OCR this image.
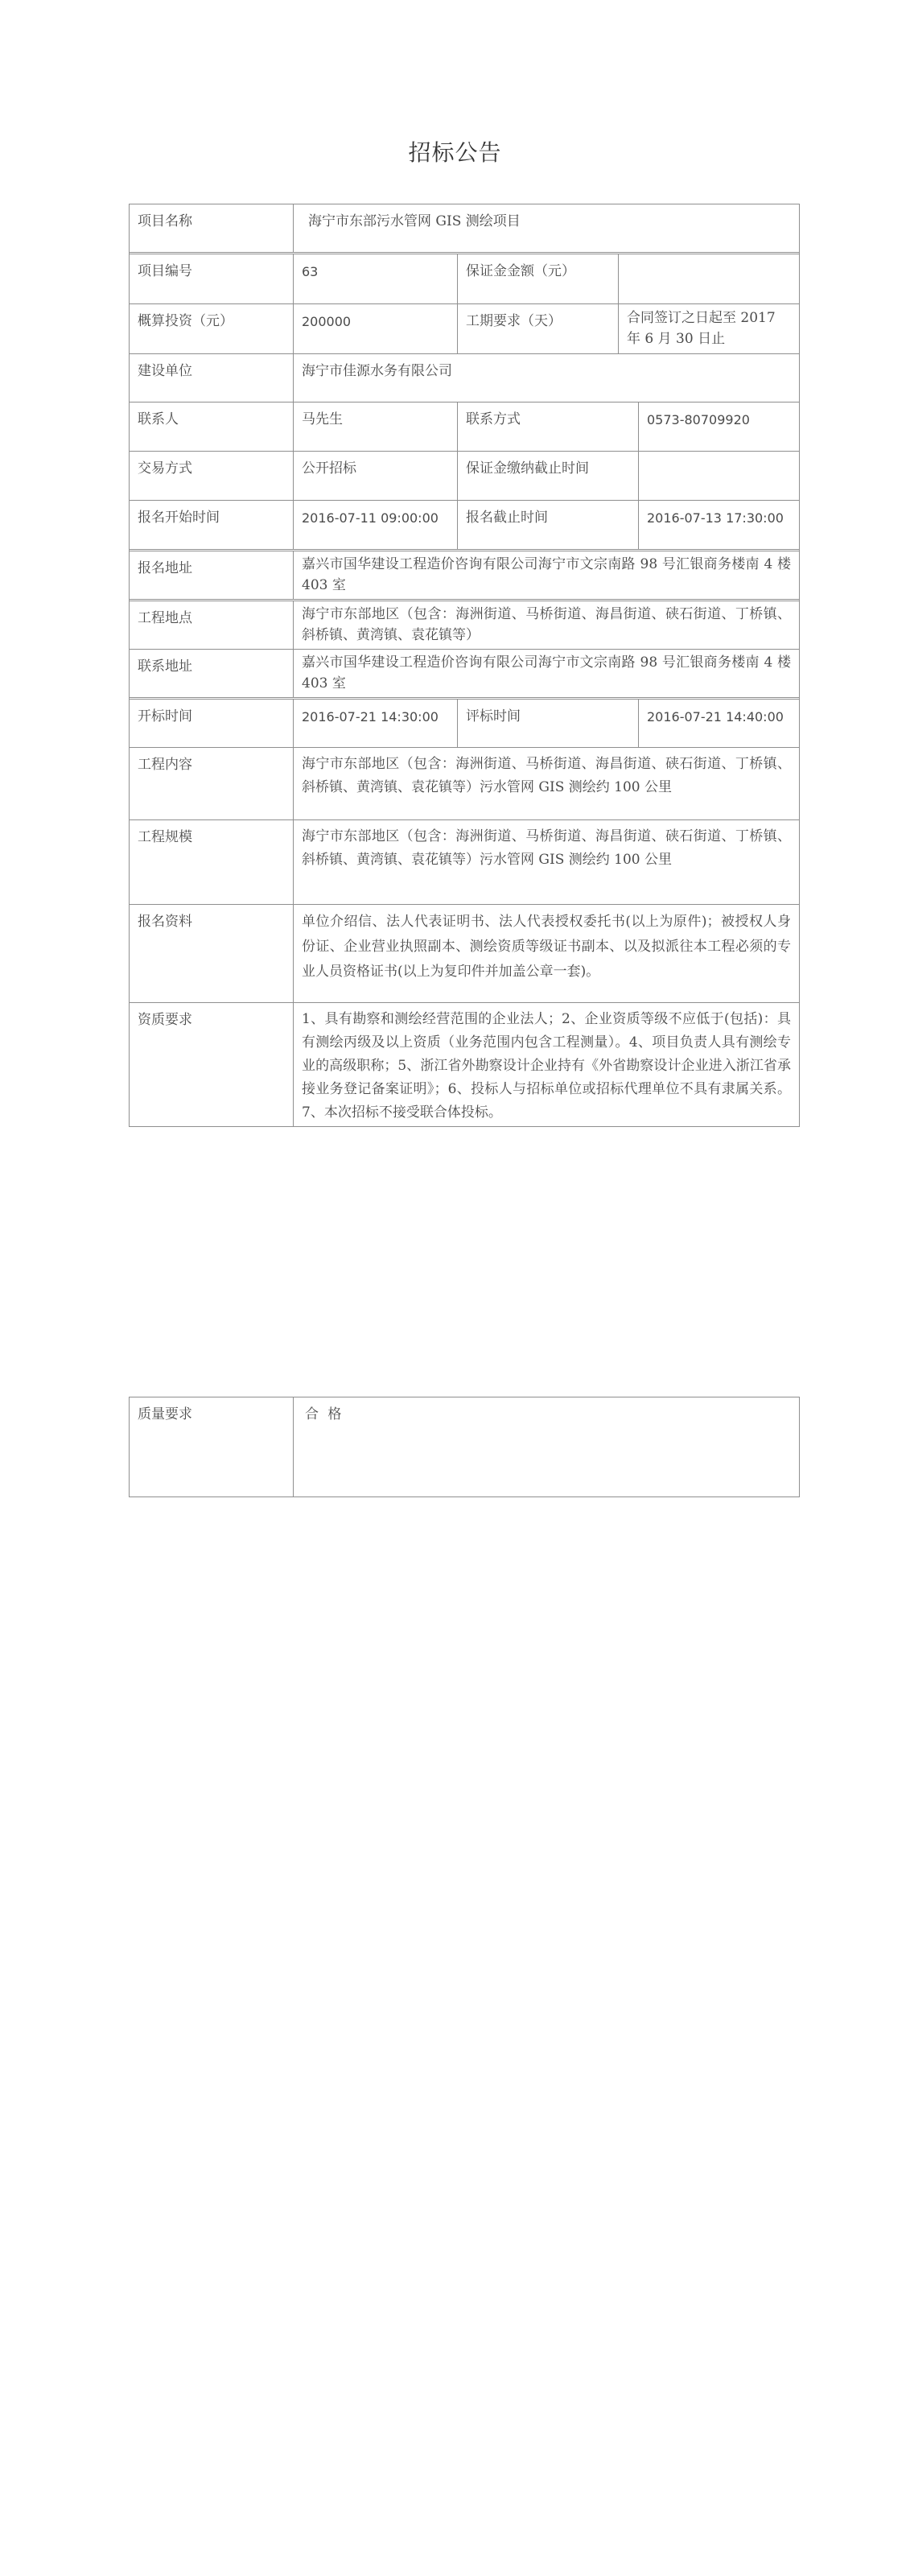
招标公告
项目名称	海宁市东部污水管网 GIS 测绘项目
项目编号	63	保证金金额（元）
概算投资（元）	200000	工期要求（天）	合同签订之日起至 2017 年 6 月 30 日止
建设单位	海宁市佳源水务有限公司
联系人	马先生	联系方式	0573-80709920
交易方式	公开招标	保证金缴纳截止时间
报名开始时间	2016-07-11 09:00:00	报名截止时间	2016-07-13 17:30:00
报名地址	嘉兴市国华建设工程造价咨询有限公司海宁市文宗南路 98 号汇银商务楼南 4 楼 403 室
工程地点	海宁市东部地区（包含：海洲街道、马桥街道、海昌街道、硖石街道、丁桥镇、斜桥镇、黄湾镇、袁花镇等）
联系地址	嘉兴市国华建设工程造价咨询有限公司海宁市文宗南路 98 号汇银商务楼南 4 楼 403 室
开标时间	2016-07-21 14:30:00	评标时间	2016-07-21 14:40:00
工程内容	海宁市东部地区（包含：海洲街道、马桥街道、海昌街道、硖石街道、丁桥镇、斜桥镇、黄湾镇、袁花镇等）污水管网 GIS 测绘约 100 公里
工程规模	海宁市东部地区（包含：海洲街道、马桥街道、海昌街道、硖石街道、丁桥镇、斜桥镇、黄湾镇、袁花镇等）污水管网 GIS 测绘约 100 公里
报名资料	单位介绍信、法人代表证明书、法人代表授权委托书(以上为原件)；被授权人身份证、企业营业执照副本、测绘资质等级证书副本、以及拟派往本工程必须的专业人员资格证书(以上为复印件并加盖公章一套)。
资质要求	1、具有勘察和测绘经营范围的企业法人；2、企业资质等级不应低于(包括)：具有测绘丙级及以上资质（业务范围内包含工程测量）。4、项目负责人具有测绘专业的高级职称；5、浙江省外勘察设计企业持有《外省勘察设计企业进入浙江省承接业务登记备案证明》；6、投标人与招标单位或招标代理单位不具有隶属关系。7、本次招标不接受联合体投标。
质量要求	合 格
